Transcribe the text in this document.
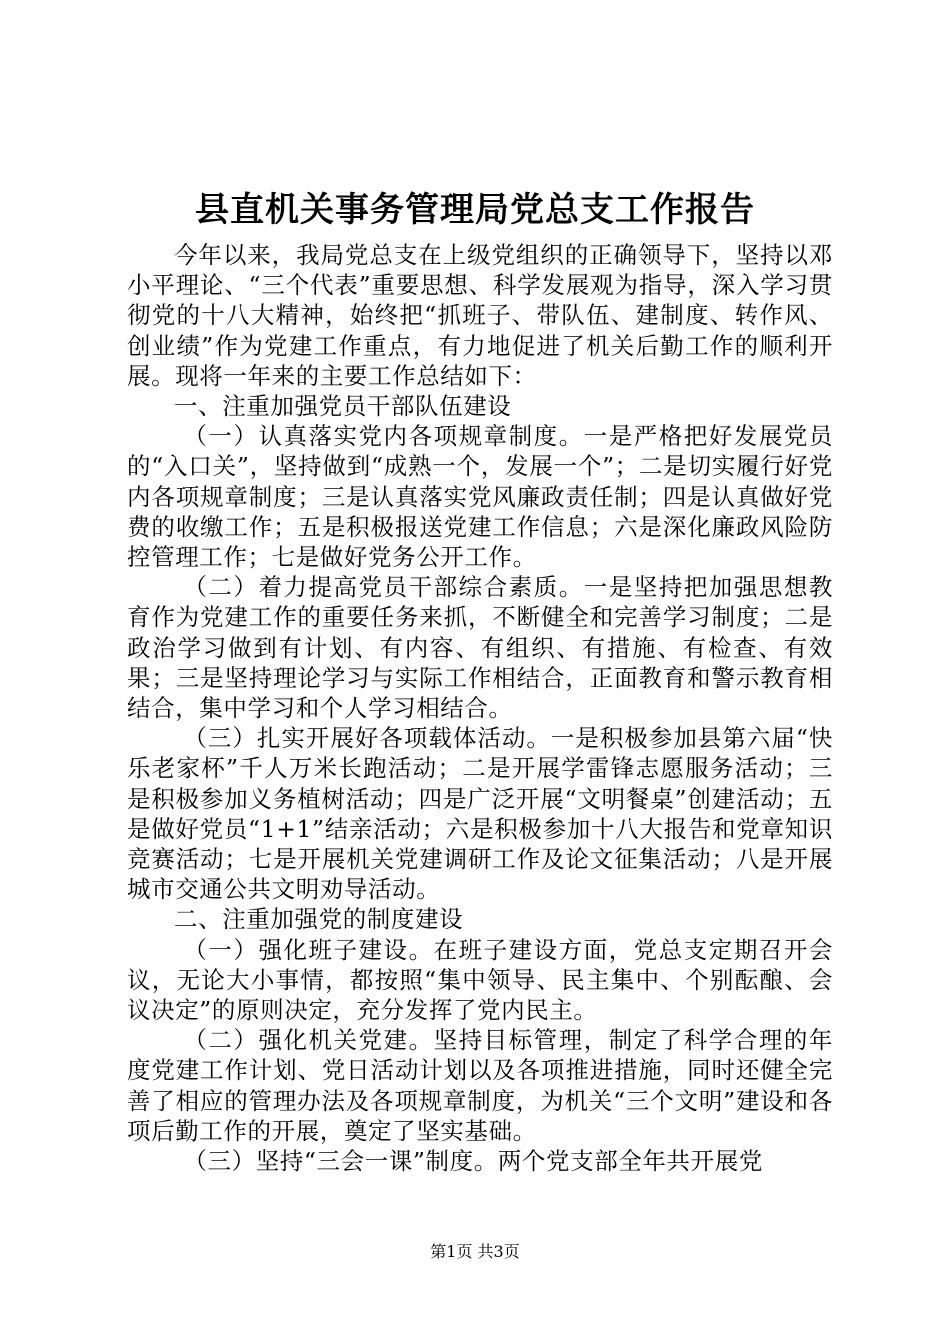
县直机关事务管理局党总支工作报告

今年以来，我局党总支在上级党组织的正确领导下，坚持以邓小平理论、“三个代表”重要思想、科学发展观为指导，深入学习贯彻党的十八大精神，始终把“抓班子、带队伍、建制度、转作风、创业绩”作为党建工作重点，有力地促进了机关后勤工作的顺利开展。现将一年来的主要工作总结如下：

一、注重加强党员干部队伍建设

（一）认真落实党内各项规章制度。一是严格把好发展党员的“入口关”，坚持做到“成熟一个，发展一个”；二是切实履行好党内各项规章制度；三是认真落实党风廉政责任制；四是认真做好党费的收缴工作；五是积极报送党建工作信息；六是深化廉政风险防控管理工作；七是做好党务公开工作。

（二）着力提高党员干部综合素质。一是坚持把加强思想教育作为党建工作的重要任务来抓，不断健全和完善学习制度；二是政治学习做到有计划、有内容、有组织、有措施、有检查、有效果；三是坚持理论学习与实际工作相结合，正面教育和警示教育相结合，集中学习和个人学习相结合。

（三）扎实开展好各项载体活动。一是积极参加县第六届“快乐老家杯”千人万米长跑活动；二是开展学雷锋志愿服务活动；三是积极参加义务植树活动；四是广泛开展“文明餐桌”创建活动；五是做好党员“1+1”结亲活动；六是积极参加十八大报告和党章知识竞赛活动；七是开展机关党建调研工作及论文征集活动；八是开展城市交通公共文明劝导活动。

二、注重加强党的制度建设

（一）强化班子建设。在班子建设方面，党总支定期召开会议，无论大小事情，都按照“集中领导、民主集中、个别酝酿、会议决定”的原则决定，充分发挥了党内民主。

（二）强化机关党建。坚持目标管理，制定了科学合理的年度党建工作计划、党日活动计划以及各项推进措施，同时还健全完善了相应的管理办法及各项规章制度，为机关“三个文明”建设和各项后勤工作的开展，奠定了坚实基础。

（三）坚持“三会一课”制度。两个党支部全年共开展党

第1页 共3页
